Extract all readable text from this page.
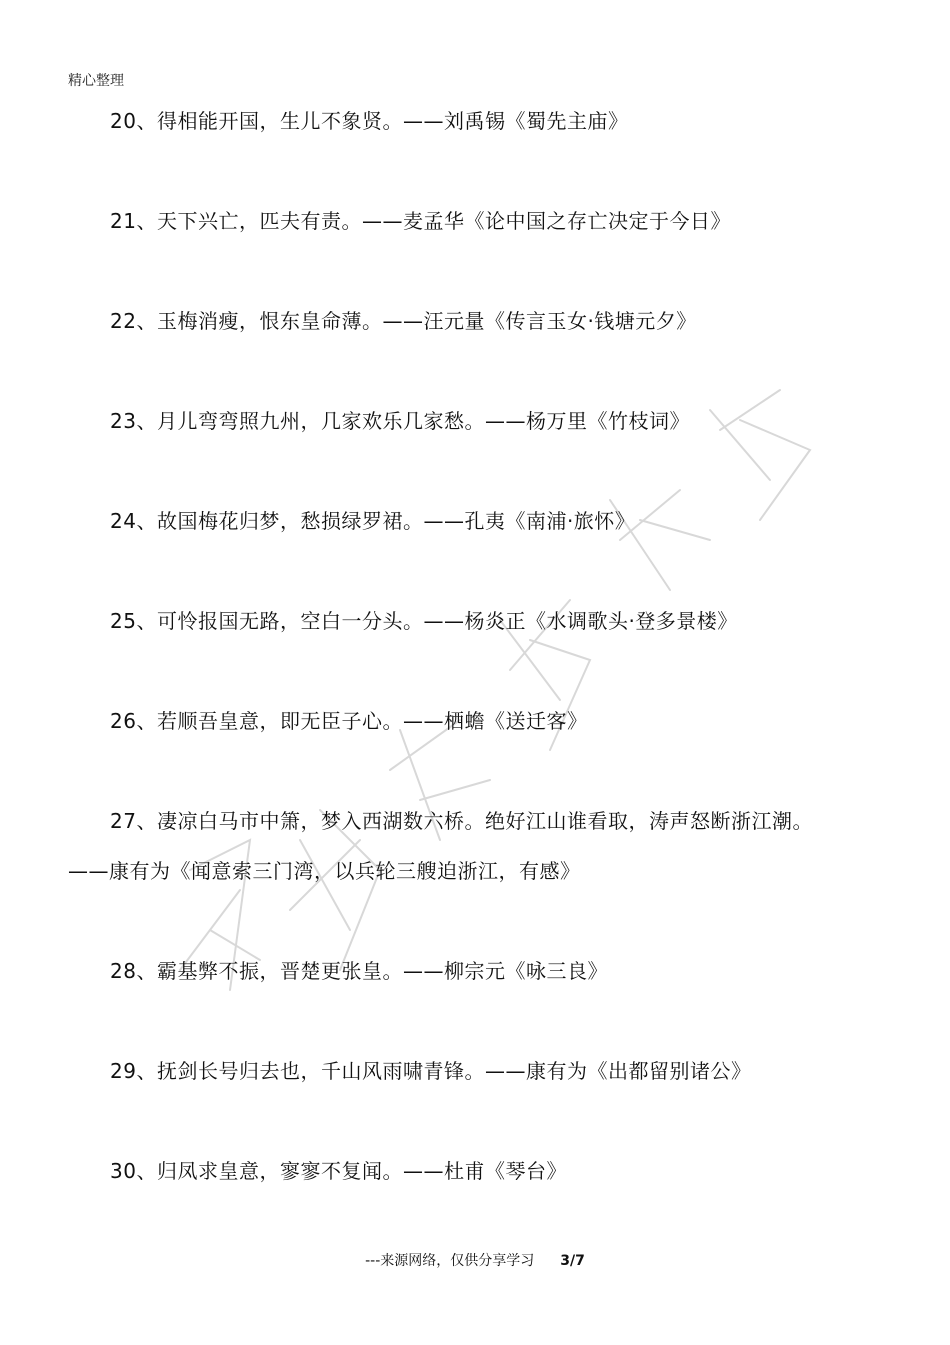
精心整理
20、得相能开国，生儿不象贤。——刘禹锡《蜀先主庙》
21、天下兴亡，匹夫有责。——麦孟华《论中国之存亡决定于今日》
22、玉梅消瘦，恨东皇命薄。——汪元量《传言玉女·钱塘元夕》
23、月儿弯弯照九州，几家欢乐几家愁。——杨万里《竹枝词》
24、故国梅花归梦，愁损绿罗裙。——孔夷《南浦·旅怀》
25、可怜报国无路，空白一分头。——杨炎正《水调歌头·登多景楼》
26、若顺吾皇意，即无臣子心。——栖蟾《送迁客》
27、凄凉白马市中箫，梦入西湖数六桥。绝好江山谁看取，涛声怒断浙江潮。
——康有为《闻意索三门湾，以兵轮三艘迫浙江，有感》
28、霸基弊不振，晋楚更张皇。——柳宗元《咏三良》
29、抚剑长号归去也，千山风雨啸青锋。——康有为《出都留别诸公》
30、归凤求皇意，寥寥不复闻。——杜甫《琴台》
---来源网络，仅供分享学习 3/7
